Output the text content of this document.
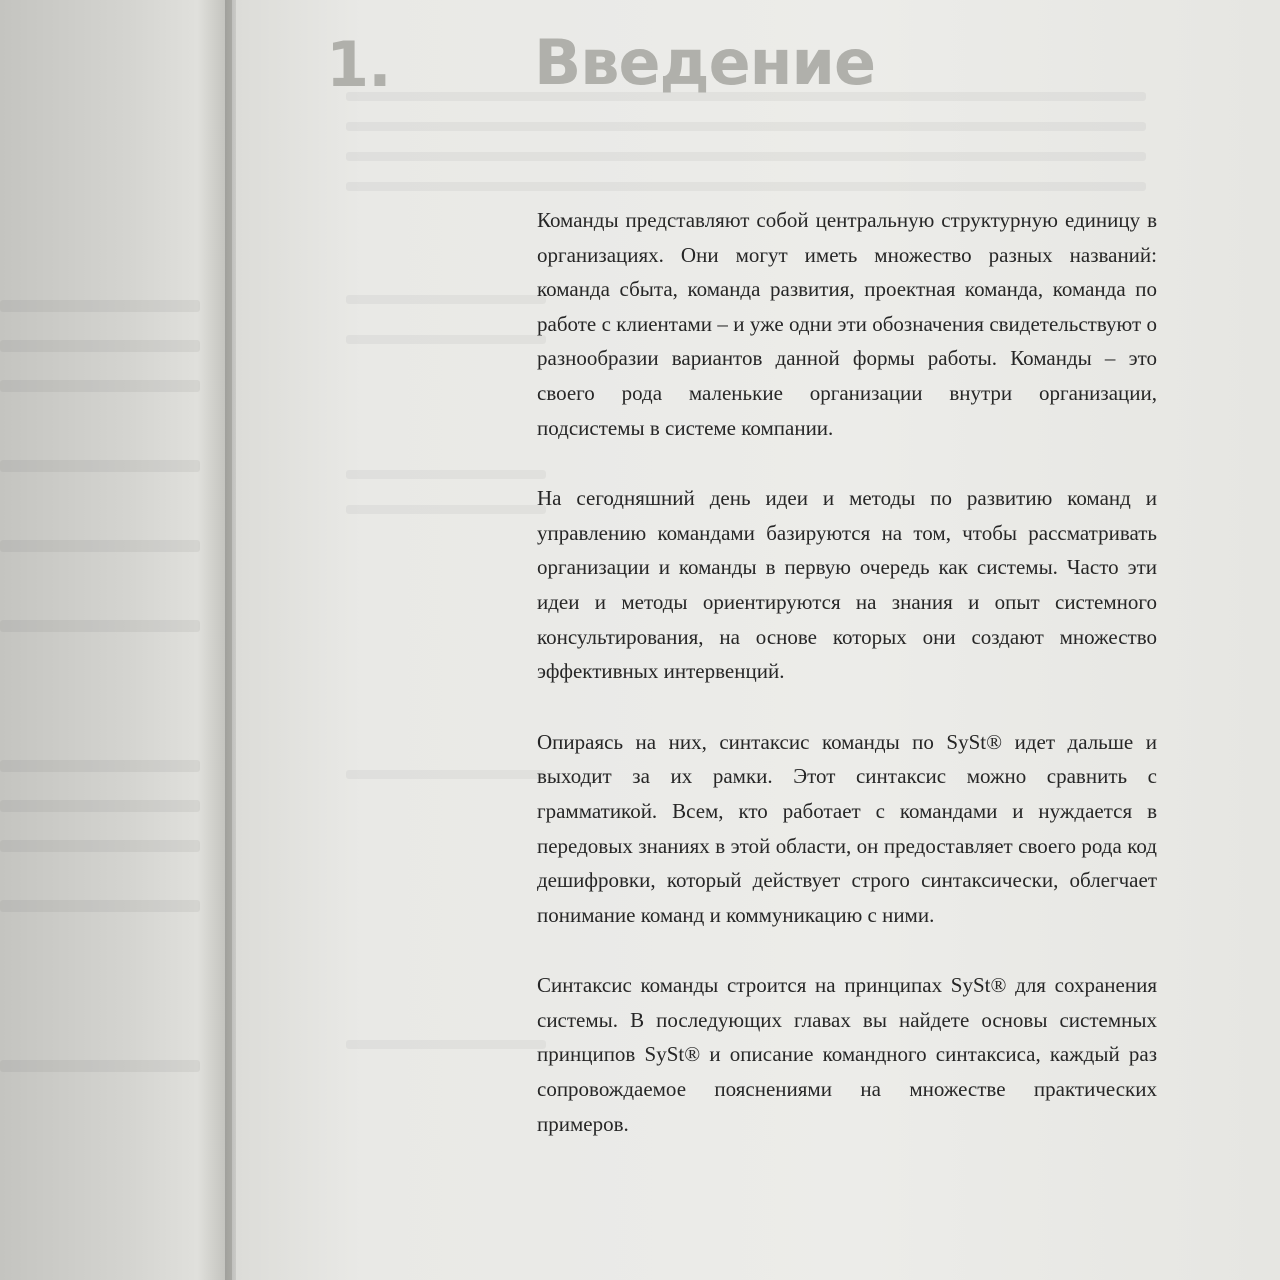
1. Введение

Команды представляют собой центральную структурную единицу в организациях. Они могут иметь множество разных названий: команда сбыта, команда развития, проектная команда, команда по работе с клиентами – и уже одни эти обозначения свидетельствуют о разнообразии вариантов данной формы работы. Команды – это своего рода маленькие организации внутри организации, подсистемы в системе компании.

На сегодняшний день идеи и методы по развитию команд и управлению командами базируются на том, чтобы рассматривать организации и команды в первую очередь как системы. Часто эти идеи и методы ориентируются на знания и опыт системного консультирования, на основе которых они создают множество эффективных интервенций.

Опираясь на них, синтаксис команды по SySt® идет дальше и выходит за их рамки. Этот синтаксис можно сравнить с грамматикой. Всем, кто работает с командами и нуждается в передовых знаниях в этой области, он предоставляет своего рода код дешифровки, который действует строго синтаксически, облегчает понимание команд и коммуникацию с ними.

Синтаксис команды строится на принципах SySt® для сохранения системы. В последующих главах вы найдете основы системных принципов SySt® и описание командного синтаксиса, каждый раз сопровождаемое пояснениями на множестве практических примеров.
